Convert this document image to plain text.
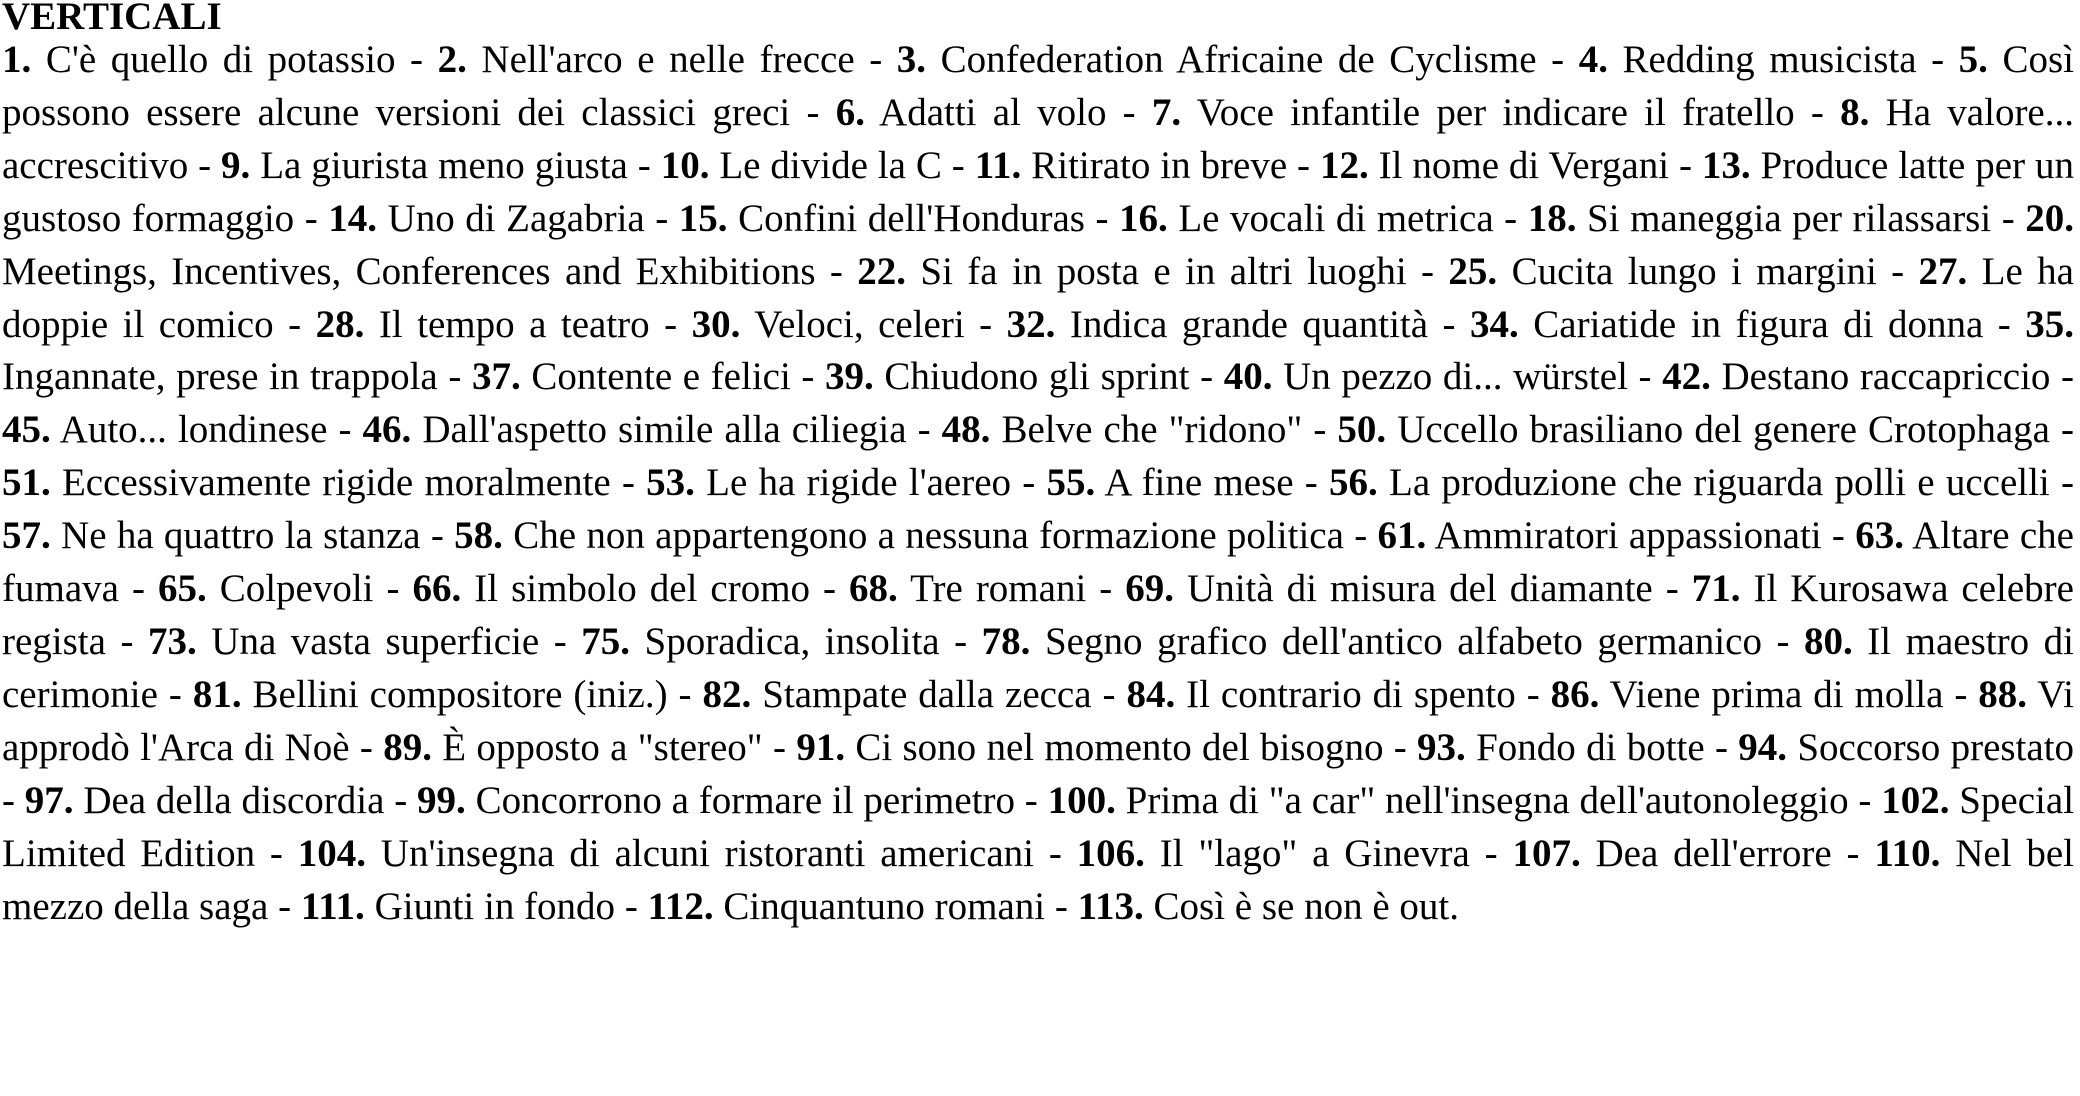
VERTICALI

1. C'è quello di potassio - 2. Nell'arco e nelle frecce - 3. Confederation Africaine de Cyclisme - 4. Redding musicista - 5. Così possono essere alcune versioni dei classici greci - 6. Adatti al volo - 7. Voce infantile per indicare il fratello - 8. Ha valore... accrescitivo - 9. La giurista meno giusta - 10. Le divide la C - 11. Ritirato in breve - 12. Il nome di Vergani - 13. Produce latte per un gustoso formaggio - 14. Uno di Zagabria - 15. Confini dell'Honduras - 16. Le vocali di metrica - 18. Si maneggia per rilassarsi - 20. Meetings, Incentives, Conferences and Exhibitions - 22. Si fa in posta e in altri luoghi - 25. Cucita lungo i margini - 27. Le ha doppie il comico - 28. Il tempo a teatro - 30. Veloci, celeri - 32. Indica grande quantità - 34. Cariatide in figura di donna - 35. Ingannate, prese in trappola - 37. Contente e felici - 39. Chiudono gli sprint - 40. Un pezzo di... würstel - 42. Destano raccapriccio - 45. Auto... londinese - 46. Dall'aspetto simile alla ciliegia - 48. Belve che "ridono" - 50. Uccello brasiliano del genere Crotophaga - 51. Eccessivamente rigide moralmente - 53. Le ha rigide l'aereo - 55. A fine mese - 56. La produzione che riguarda polli e uccelli - 57. Ne ha quattro la stanza - 58. Che non appartengono a nessuna formazione politica - 61. Ammiratori appassionati - 63. Altare che fumava - 65. Colpevoli - 66. Il simbolo del cromo - 68. Tre romani - 69. Unità di misura del diamante - 71. Il Kurosawa celebre regista - 73. Una vasta superficie - 75. Sporadica, insolita - 78. Segno grafico dell'antico alfabeto germanico - 80. Il maestro di cerimonie - 81. Bellini compositore (iniz.) - 82. Stampate dalla zecca - 84. Il contrario di spento - 86. Viene prima di molla - 88. Vi approdò l'Arca di Noè - 89. È opposto a "stereo" - 91. Ci sono nel momento del bisogno - 93. Fondo di botte - 94. Soccorso prestato - 97. Dea della discordia - 99. Concorrono a formare il perimetro - 100. Prima di "a car" nell'insegna dell'autonoleggio - 102. Special Limited Edition - 104. Un'insegna di alcuni ristoranti americani - 106. Il "lago" a Ginevra - 107. Dea dell'errore - 110. Nel bel mezzo della saga - 111. Giunti in fondo - 112. Cinquantuno romani - 113. Così è se non è out.
